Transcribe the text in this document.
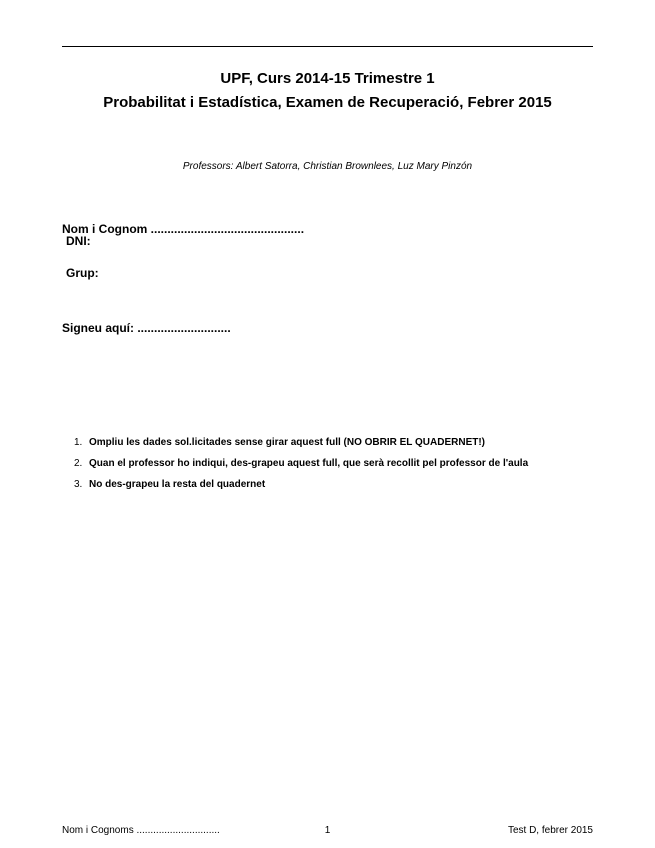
UPF, Curs 2014-15 Trimestre 1
Probabilitat i Estadística, Examen de Recuperació, Febrer 2015
Professors: Albert Satorra, Christian Brownlees, Luz Mary Pinzón
Nom i Cognom ..............................................
DNI:
Grup:
Signeu aquí: ............................
1. Ompliu les dades sol.licitades sense girar aquest full (NO OBRIR EL QUADERNET!)
2. Quan el professor ho indiqui, des-grapeu aquest full, que serà recollit pel professor de l'aula
3. No des-grapeu la resta del quadernet
Nom i Cognoms ..............................	1	Test D, febrer 2015
